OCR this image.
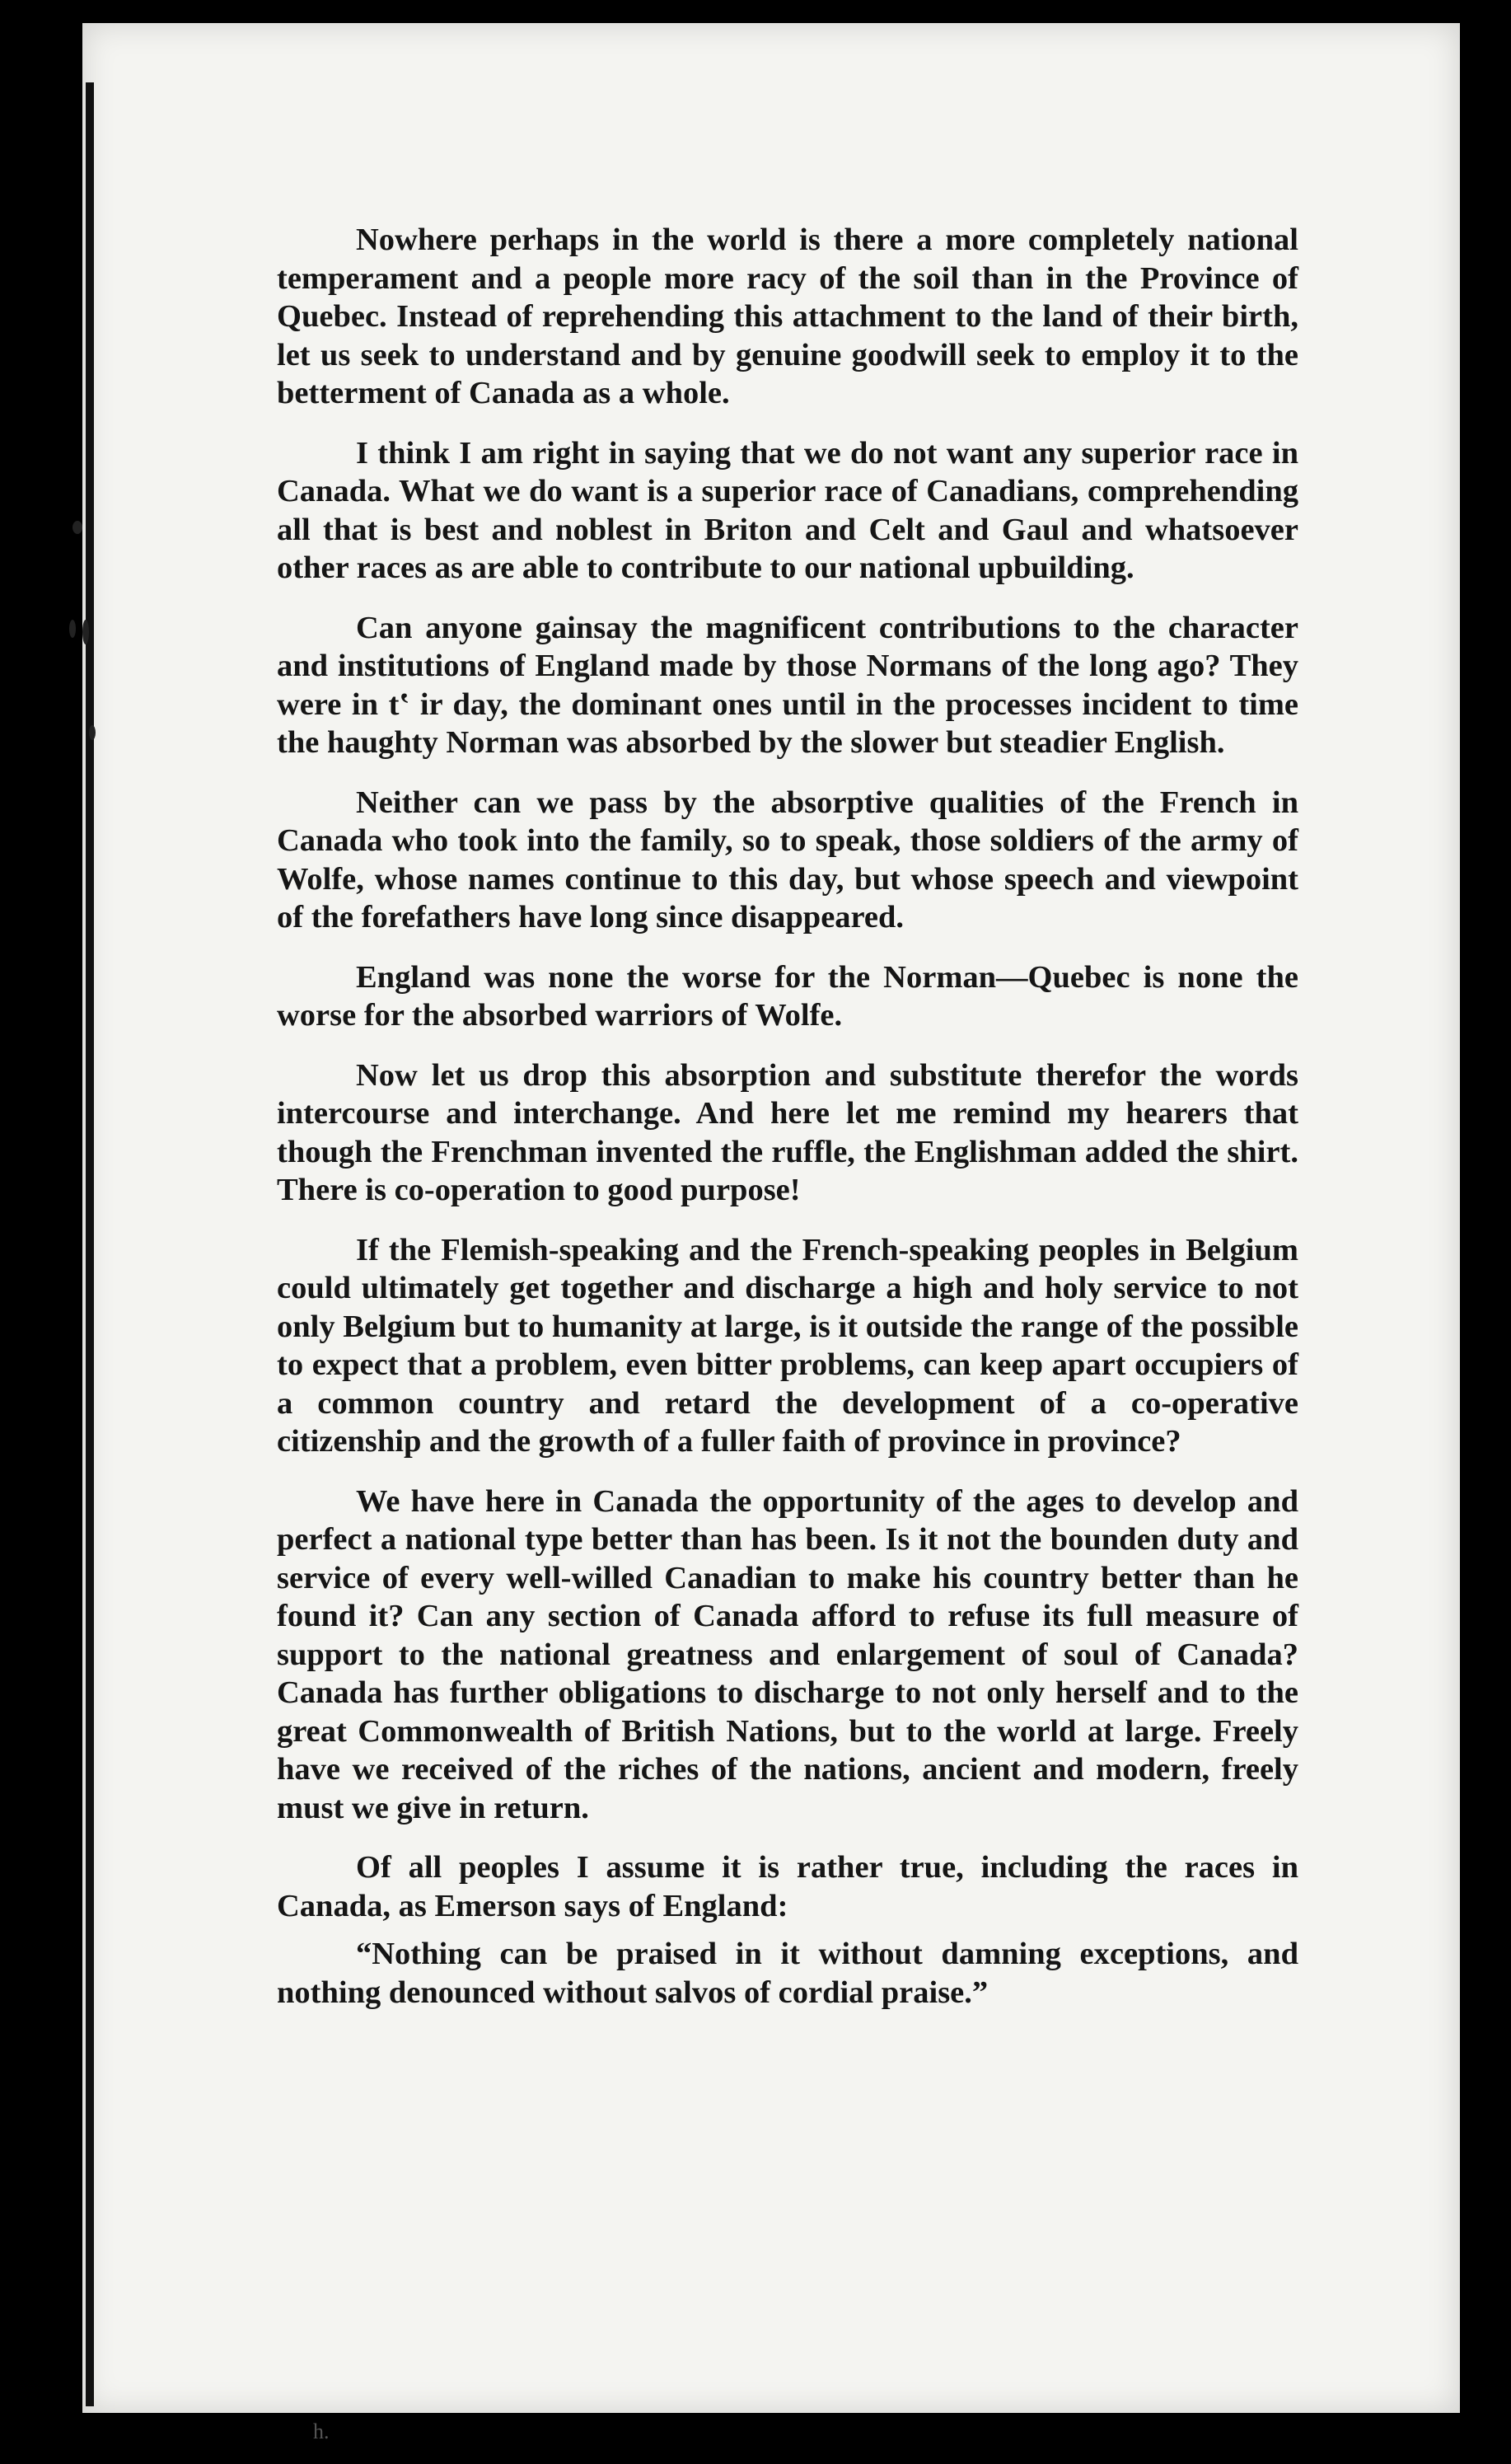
Nowhere perhaps in the world is there a more completely national temperament and a people more racy of the soil than in the Province of Quebec. Instead of reprehending this attachment to the land of their birth, let us seek to understand and by genuine goodwill seek to employ it to the betterment of Canada as a whole.

I think I am right in saying that we do not want any superior race in Canada. What we do want is a superior race of Canadians, comprehending all that is best and noblest in Briton and Celt and Gaul and whatsoever other races as are able to contribute to our national upbuilding.

Can anyone gainsay the magnificent contributions to the character and institutions of England made by those Normans of the long ago? They were in tʽ ir day, the dominant ones until in the processes incident to time the haughty Norman was absorbed by the slower but steadier English.

Neither can we pass by the absorptive qualities of the French in Canada who took into the family, so to speak, those soldiers of the army of Wolfe, whose names continue to this day, but whose speech and viewpoint of the forefathers have long since disappeared.

England was none the worse for the Norman—Quebec is none the worse for the absorbed warriors of Wolfe.

Now let us drop this absorption and substitute therefor the words intercourse and interchange. And here let me remind my hearers that though the Frenchman invented the ruffle, the Englishman added the shirt. There is co-operation to good purpose!

If the Flemish-speaking and the French-speaking peoples in Belgium could ultimately get together and discharge a high and holy service to not only Belgium but to humanity at large, is it outside the range of the possible to expect that a problem, even bitter problems, can keep apart occupiers of a common country and retard the development of a co-operative citizenship and the growth of a fuller faith of province in province?

We have here in Canada the opportunity of the ages to develop and perfect a national type better than has been. Is it not the bounden duty and service of every well-willed Canadian to make his country better than he found it? Can any section of Canada afford to refuse its full measure of support to the national greatness and enlargement of soul of Canada? Canada has further obligations to discharge to not only herself and to the great Commonwealth of British Nations, but to the world at large. Freely have we received of the riches of the nations, ancient and modern, freely must we give in return.

Of all peoples I assume it is rather true, including the races in Canada, as Emerson says of England:

“Nothing can be praised in it without damning exceptions, and nothing denounced without salvos of cordial praise.”

h.
